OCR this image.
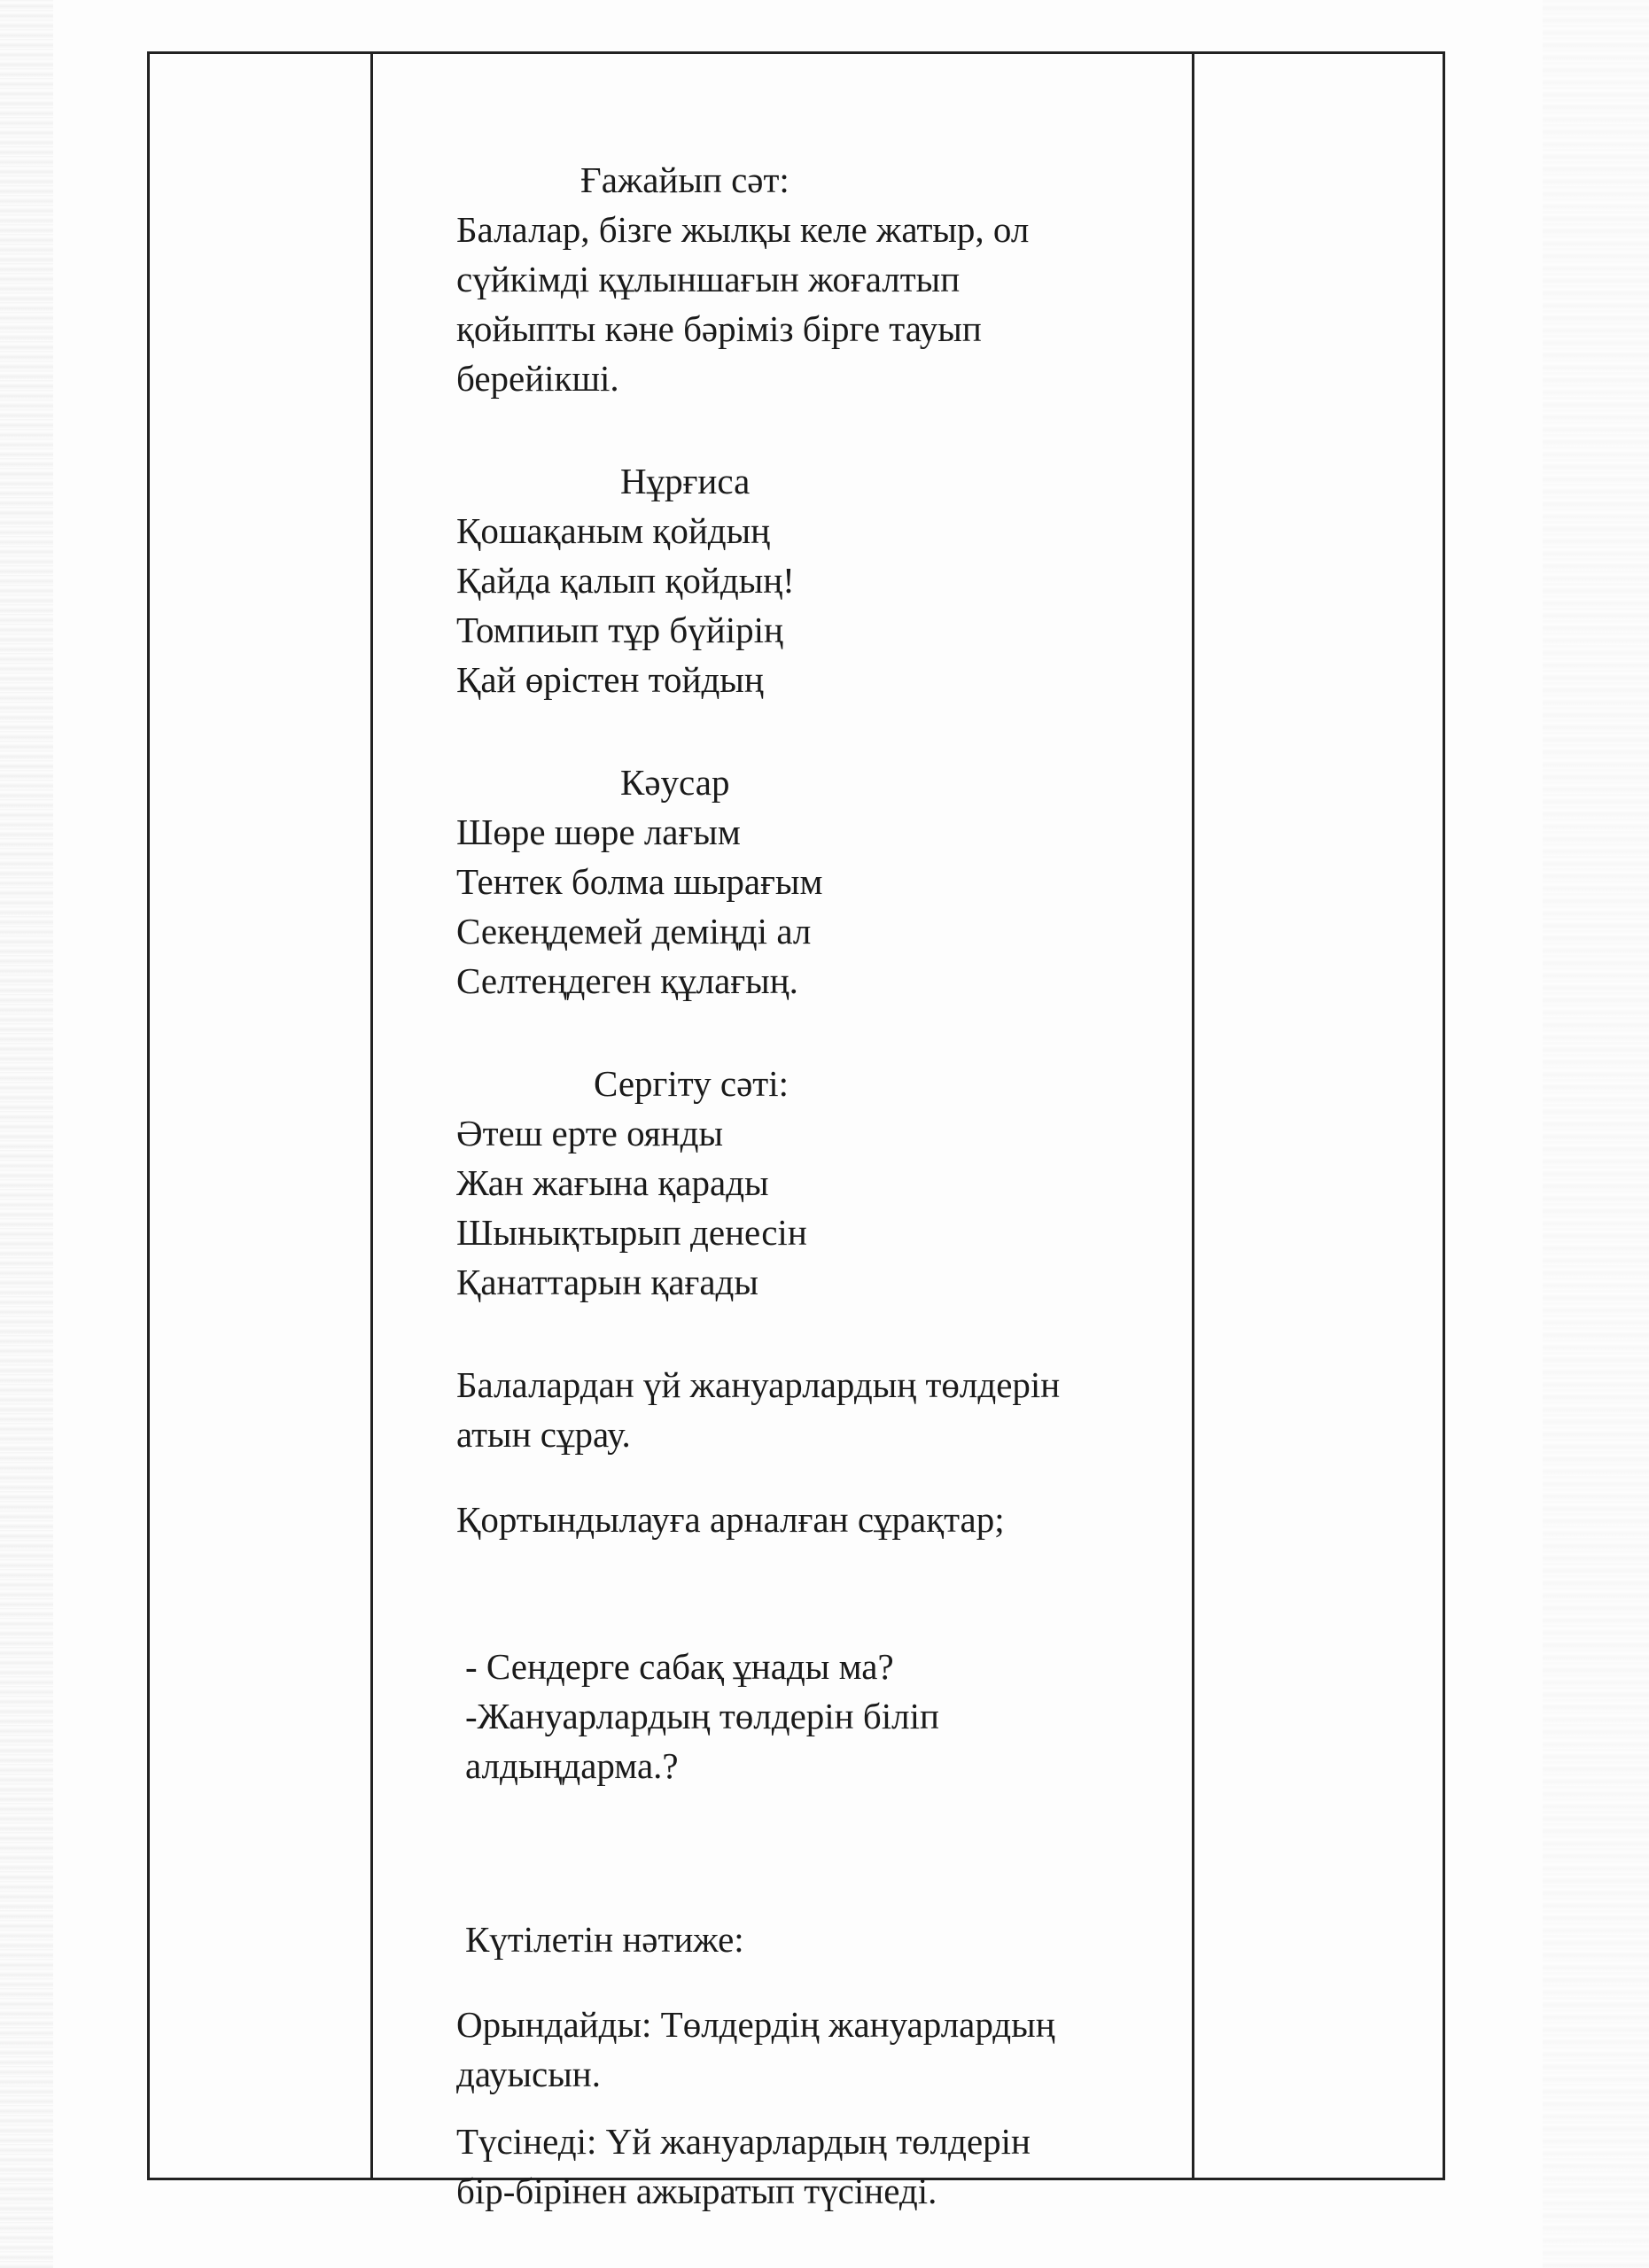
Ғажайып сәт:
Балалар, бізге жылқы келе жатыр, ол
сүйкімді құлыншағын жоғалтып
қойыпты кәне бәріміз бірге тауып
берейікші.
Нұрғиса
Қошақаным қойдың
Қайда қалып қойдың!
Томпиып тұр бүйірің
Қай өрістен тойдың
Кәусар
Шөре шөре лағым
Тентек болма шырағым
Секеңдемей деміңді ал
Селтеңдеген құлағың.
Сергіту сәті:
Әтеш ерте оянды
Жан жағына қарады
Шынықтырып денесін
Қанаттарын қағады
Балалардан үй жануарлардың төлдерін
атын сұрау.
Қортындылауға арналған сұрақтар;
- Сендерге сабақ ұнады ма?
-Жануарлардың төлдерін біліп
алдыңдарма.?
Күтілетін нәтиже:
Орындайды: Төлдердің жануарлардың
дауысын.
Түсінеді: Үй жануарлардың төлдерін
бір-бірінен ажыратып түсінеді.
